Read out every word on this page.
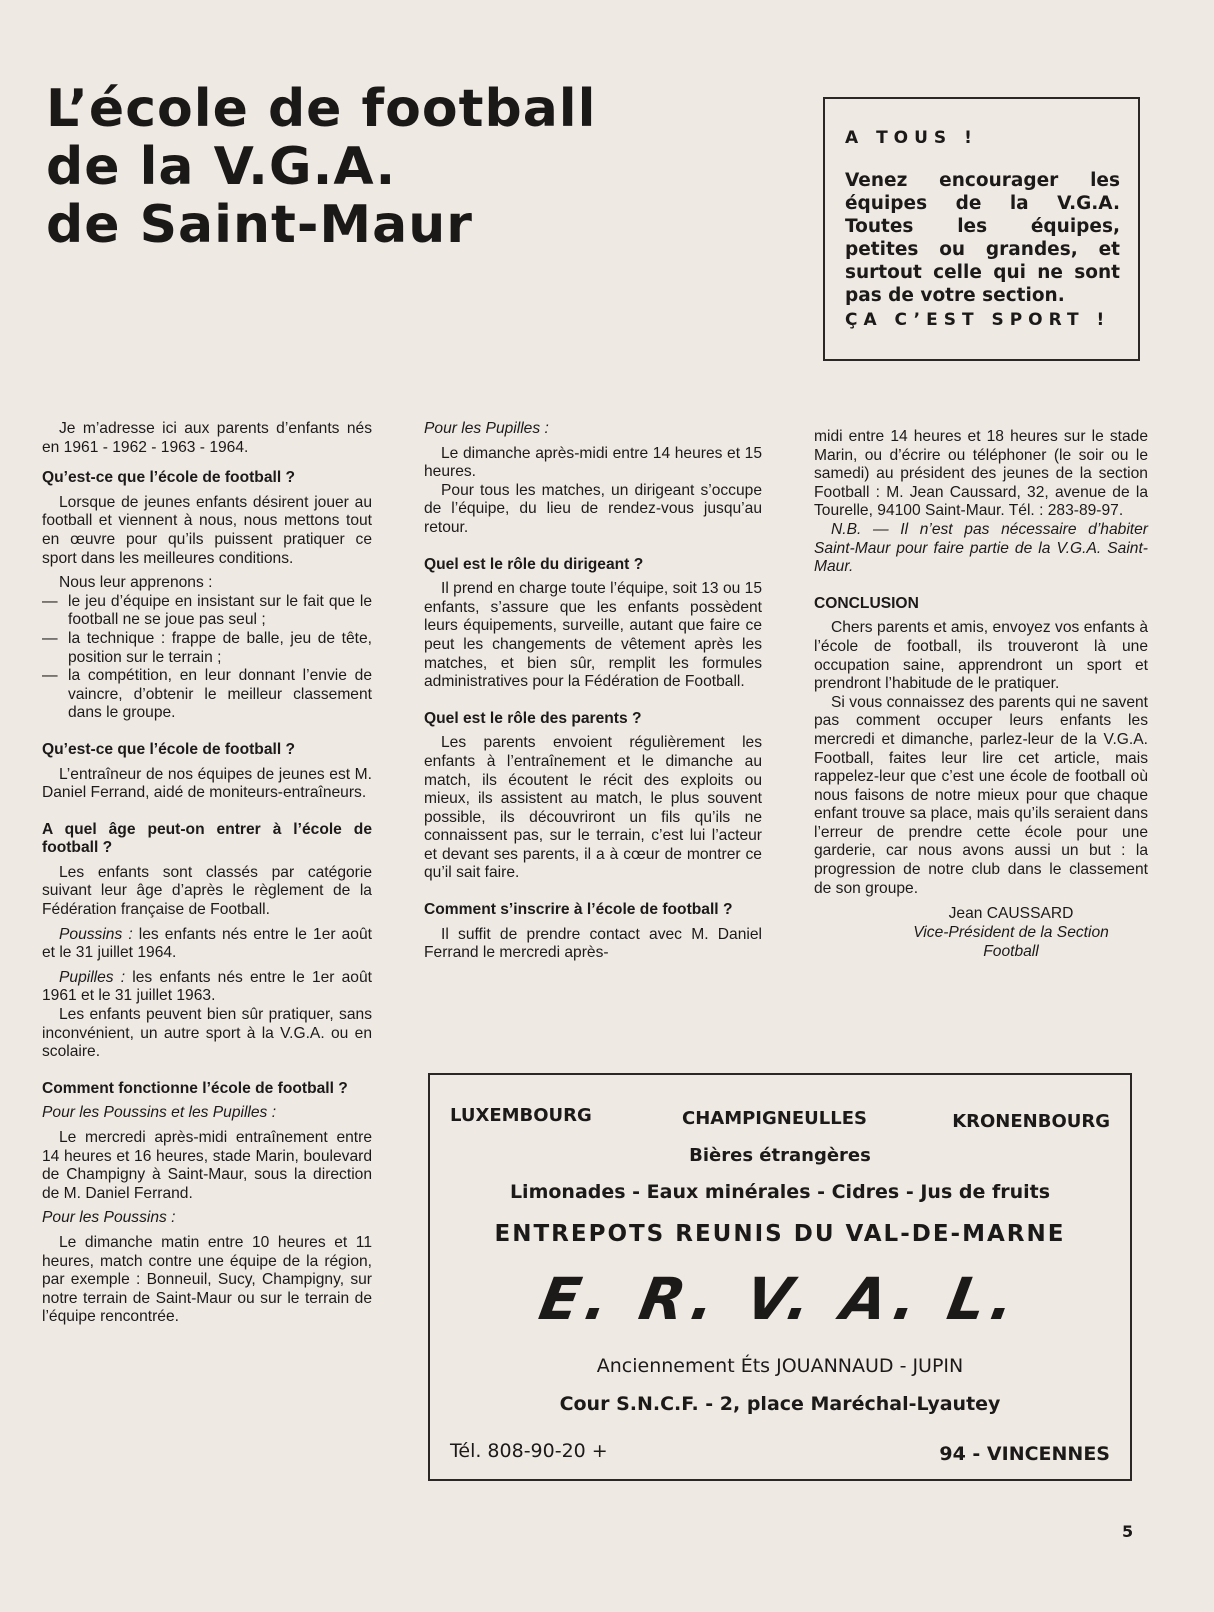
L’école de football
de la V.G.A.
de Saint-Maur
A TOUS !
Venez encourager les équipes de la V.G.A. Toutes les équipes, petites ou grandes, et surtout celle qui ne sont pas de votre section.
ÇA C’EST SPORT !

Je m’adresse ici aux parents d’enfants nés en 1961 - 1962 - 1963 - 1964.

Qu’est-ce que l’école de football ?

Lorsque de jeunes enfants désirent jouer au football et viennent à nous, nous mettons tout en œuvre pour qu’ils puissent pratiquer ce sport dans les meilleures conditions.

Nous leur apprenons :

— le jeu d’équipe en insistant sur le fait que le football ne se joue pas seul ;
— la technique : frappe de balle, jeu de tête, position sur le terrain ;
— la compétition, en leur donnant l’envie de vaincre, d’obtenir le meilleur classement dans le groupe.
Qu’est-ce que l’école de football ?

L’entraîneur de nos équipes de jeunes est M. Daniel Ferrand, aidé de moniteurs-entraîneurs.

A quel âge peut-on entrer à l’école de football ?

Les enfants sont classés par catégorie suivant leur âge d’après le règlement de la Fédération française de Football.

Poussins : les enfants nés entre le 1er août et le 31 juillet 1964.

Pupilles : les enfants nés entre le 1er août 1961 et le 31 juillet 1963.

Les enfants peuvent bien sûr pratiquer, sans inconvénient, un autre sport à la V.G.A. ou en scolaire.

Comment fonctionne l’école de football ?

Pour les Poussins et les Pupilles :

Le mercredi après-midi entraînement entre 14 heures et 16 heures, stade Marin, boulevard de Champigny à Saint-Maur, sous la direction de M. Daniel Ferrand.

Pour les Poussins :

Le dimanche matin entre 10 heures et 11 heures, match contre une équipe de la région, par exemple : Bonneuil, Sucy, Champigny, sur notre terrain de Saint-Maur ou sur le terrain de l’équipe rencontrée.

Pour les Pupilles :

Le dimanche après-midi entre 14 heures et 15 heures.

Pour tous les matches, un dirigeant s’occupe de l’équipe, du lieu de rendez-vous jusqu’au retour.

Quel est le rôle du dirigeant ?

Il prend en charge toute l’équipe, soit 13 ou 15 enfants, s’assure que les enfants possèdent leurs équipements, surveille, autant que faire ce peut les changements de vêtement après les matches, et bien sûr, remplit les formules administratives pour la Fédération de Football.

Quel est le rôle des parents ?

Les parents envoient régulièrement les enfants à l’entraînement et le dimanche au match, ils écoutent le récit des exploits ou mieux, ils assistent au match, le plus souvent possible, ils découvriront un fils qu’ils ne connaissent pas, sur le terrain, c’est lui l’acteur et devant ses parents, il a à cœur de montrer ce qu’il sait faire.

Comment s’inscrire à l’école de football ?

Il suffit de prendre contact avec M. Daniel Ferrand le mercredi après-

midi entre 14 heures et 18 heures sur le stade Marin, ou d’écrire ou téléphoner (le soir ou le samedi) au président des jeunes de la section Football : M. Jean Caussard, 32, avenue de la Tourelle, 94100 Saint-Maur. Tél. : 283-89-97.

N.B. — Il n’est pas nécessaire d’habiter Saint-Maur pour faire partie de la V.G.A. Saint-Maur.

CONCLUSION

Chers parents et amis, envoyez vos enfants à l’école de football, ils trouveront là une occupation saine, apprendront un sport et prendront l’habitude de le pratiquer.

Si vous connaissez des parents qui ne savent pas comment occuper leurs enfants les mercredi et dimanche, parlez-leur de la V.G.A. Football, faites leur lire cet article, mais rappelez-leur que c’est une école de football où nous faisons de notre mieux pour que chaque enfant trouve sa place, mais qu’ils seraient dans l’erreur de prendre cette école pour une garderie, car nous avons aussi un but : la progression de notre club dans le classement de son groupe.

Jean CAUSSARD
Vice-Président de la Section
Football
LUXEMBOURG	CHAMPIGNEULLES	KRONENBOURG
Bières étrangères
Limonades - Eaux minérales - Cidres - Jus de fruits
ENTREPOTS REUNIS DU VAL-DE-MARNE
E. R. V. A. L.
Anciennement Éts JOUANNAUD - JUPIN
Cour S.N.C.F. - 2, place Maréchal-Lyautey
Tél. 808-90-20 +	94 - VINCENNES
5
